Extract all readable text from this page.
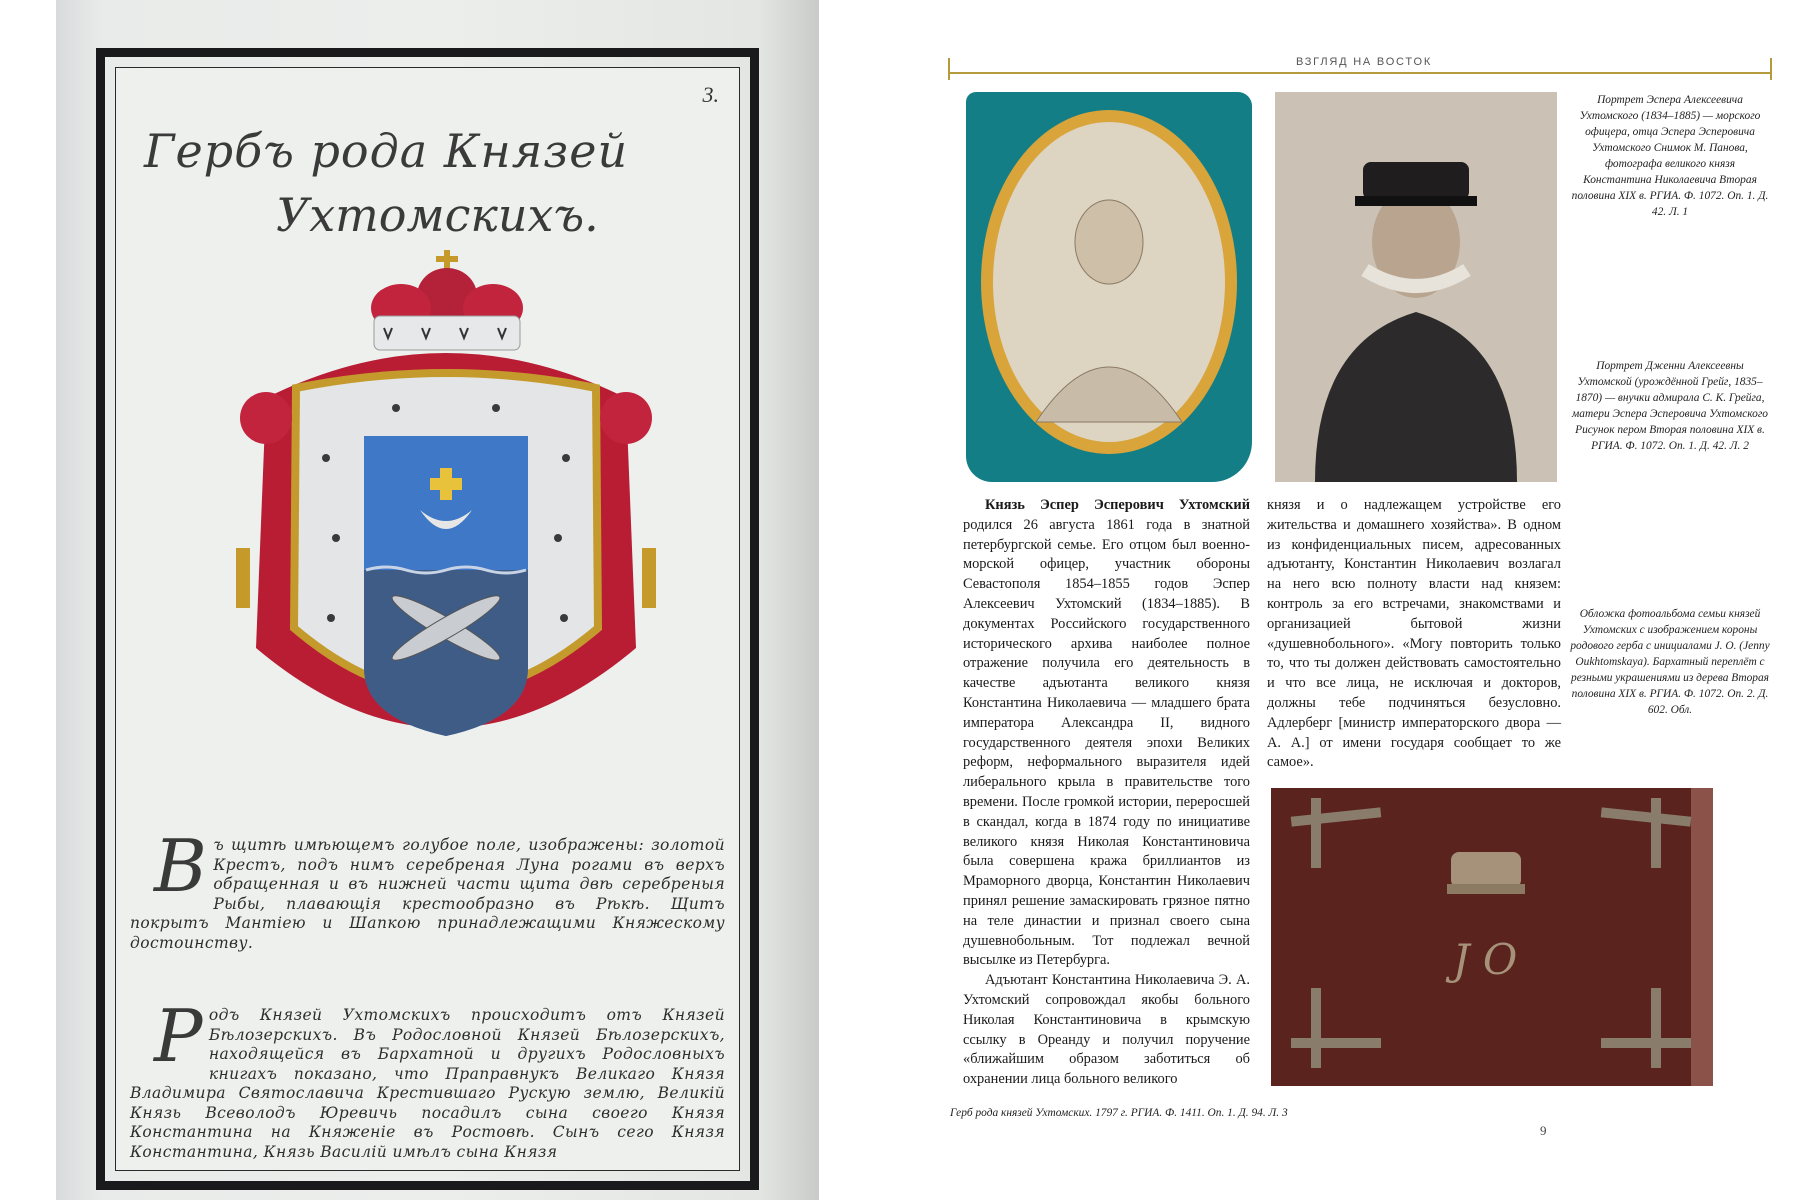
3.
Гербъ рода Князей
Ухтомскихъ.
В ъ щитѣ имѣющемъ голубое поле, изображены: золотой Крестъ, подъ нимъ серебреная Луна рогами въ верхъ обращенная и въ нижней части щита двѣ серебреныя Рыбы, плавающія крестообразно въ Рѣкѣ. Щитъ покрытъ Мантіею и Шапкою принадлежащими Княжескому достоинству.
Р одъ Князей Ухтомскихъ происходитъ отъ Князей Бѣлозерскихъ. Въ Родословной Князей Бѣлозерскихъ, находящейся въ Бархатной и другихъ Родословныхъ книгахъ показано, что Праправнукъ Великаго Князя Владимира Святославича Крестившаго Рускую землю, Великій Князь Всеволодъ Юревичь посадилъ сына своего Князя Константина на Княженіе въ Ростовѣ. Сынъ сего Князя Константина, Князь Василій имѣлъ сына Князя
ВЗГЛЯД НА ВОСТОК
Портрет Эспера Алексеевича Ухтомского (1834–1885) — морского офицера, отца Эспера Эсперовича Ухтомского Снимок М. Панова, фотографа великого князя Константина Николаевича Вторая половина XIX в. РГИА. Ф. 1072. Оп. 1. Д. 42. Л. 1
Портрет Дженни Алексеевны Ухтомской (урождённой Грейг, 1835–1870) — внучки адмирала С. К. Грейга, матери Эспера Эсперовича Ухтомского Рисунок пером Вторая половина XIX в. РГИА. Ф. 1072. Оп. 1. Д. 42. Л. 2
Обложка фотоальбома семьи князей Ухтомских с изображением короны родового герба с инициалами J. O. (Jenny Oukhtomskaya). Бархатный переплёт с резными украшениями из дерева Вторая половина XIX в. РГИА. Ф. 1072. Оп. 2. Д. 602. Обл.

Князь Эспер Эсперович Ухтомский родился 26 августа 1861 года в знатной петербургской семье. Его отцом был военно-морской офицер, участник обороны Севастополя 1854–1855 годов Эспер Алексеевич Ухтомский (1834–1885). В документах Российского государственного исторического архива наиболее полное отражение получила его деятельность в качестве адъютанта великого князя Константина Николаевича — младшего брата императора Александра II, видного государственного деятеля эпохи Великих реформ, неформального выразителя идей либерального крыла в правительстве того времени. После громкой истории, переросшей в скандал, когда в 1874 году по инициативе великого князя Николая Константиновича была совершена кража бриллиантов из Мраморного дворца, Константин Николаевич принял решение замаскировать грязное пятно на теле династии и признал своего сына душевнобольным. Тот подлежал вечной высылке из Петербурга.

Адъютант Константина Николаевича Э. А. Ухтомский сопровождал якобы больного Николая Константиновича в крымскую ссылку в Ореанду и получил поручение «ближайшим образом заботиться об охранении лица больного великого

князя и о надлежащем устройстве его жительства и домашнего хозяйства». В одном из конфиденциальных писем, адресованных адъютанту, Константин Николаевич возлагал на него всю полноту власти над князем: контроль за его встречами, знакомствами и организацией бытовой жизни «душевнобольного». «Могу повторить только то, что ты должен действовать самостоятельно и что все лица, не исключая и докторов, должны тебе подчиняться безусловно. Адлерберг [министр императорского двора — А. А.] от имени государя сообщает то же самое».

J O
Герб рода князей Ухтомских. 1797 г. РГИА. Ф. 1411. Оп. 1. Д. 94. Л. 3
9
